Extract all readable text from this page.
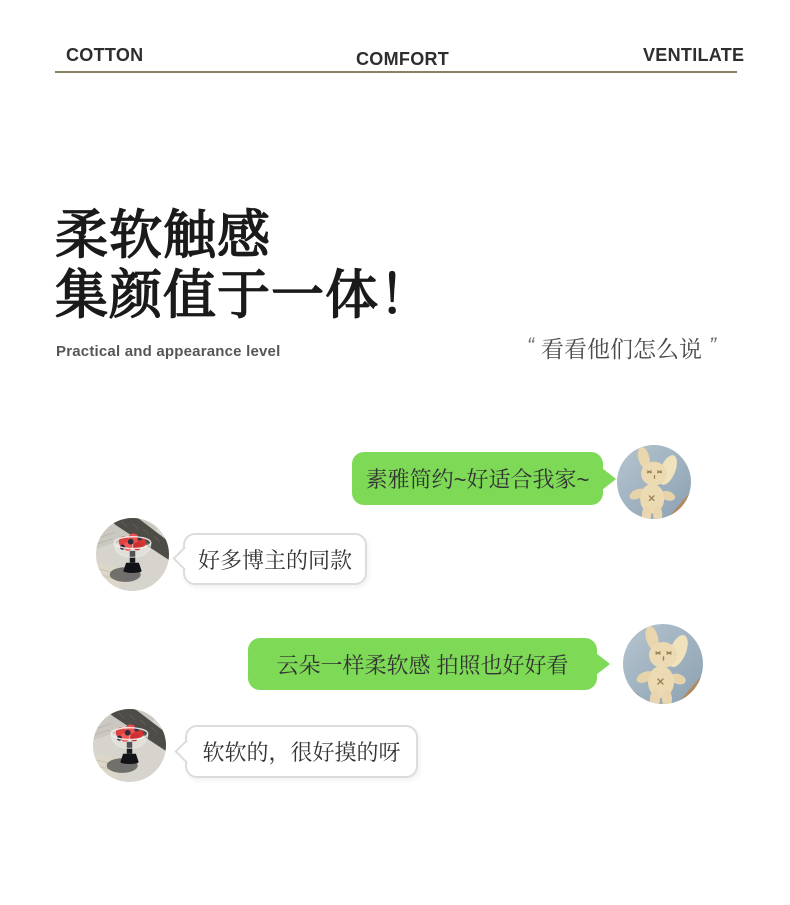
COTTON	COMFORT	VENTILATE
柔软触感
集颜值于一体！
Practical and appearance level	“ 看看他们怎么说 ”
素雅简约~好适合我家~
好多博主的同款
云朵一样柔软感 拍照也好好看
软软的，很好摸的呀
